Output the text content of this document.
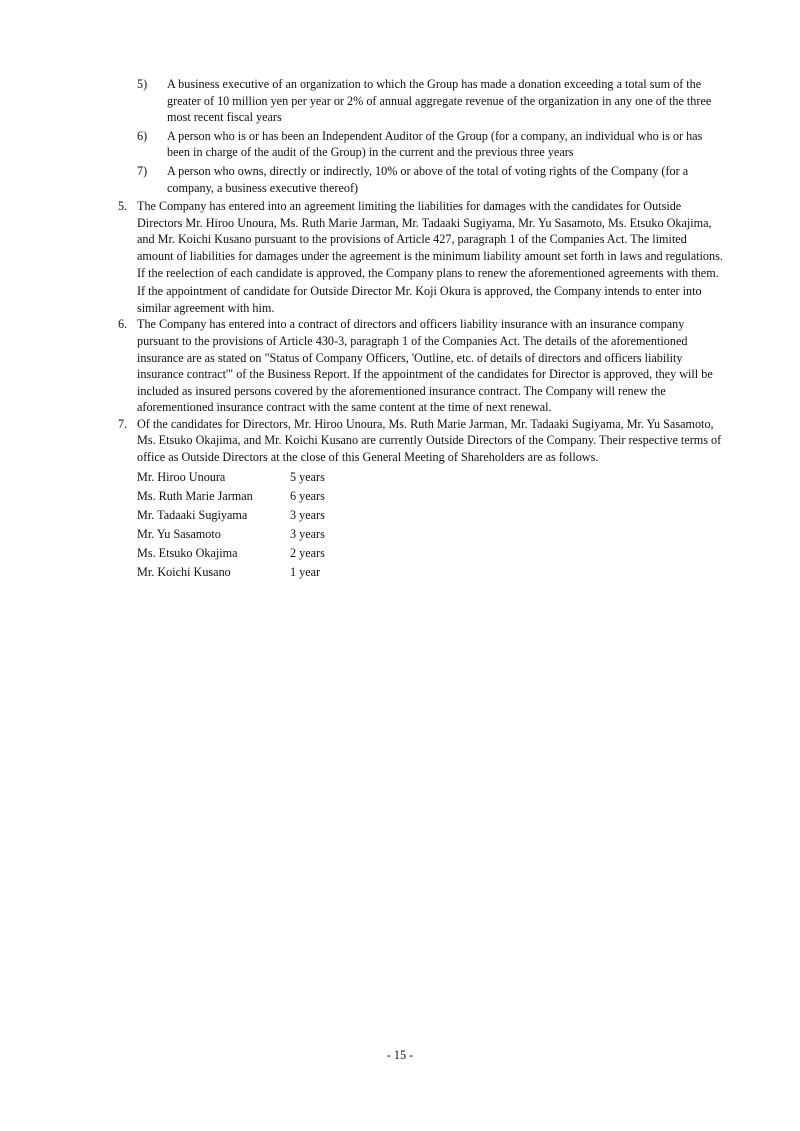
5) A business executive of an organization to which the Group has made a donation exceeding a total sum of the greater of 10 million yen per year or 2% of annual aggregate revenue of the organization in any one of the three most recent fiscal years
6) A person who is or has been an Independent Auditor of the Group (for a company, an individual who is or has been in charge of the audit of the Group) in the current and the previous three years
7) A person who owns, directly or indirectly, 10% or above of the total of voting rights of the Company (for a company, a business executive thereof)
5. The Company has entered into an agreement limiting the liabilities for damages with the candidates for Outside Directors Mr. Hiroo Unoura, Ms. Ruth Marie Jarman, Mr. Tadaaki Sugiyama, Mr. Yu Sasamoto, Ms. Etsuko Okajima, and Mr. Koichi Kusano pursuant to the provisions of Article 427, paragraph 1 of the Companies Act. The limited amount of liabilities for damages under the agreement is the minimum liability amount set forth in laws and regulations. If the reelection of each candidate is approved, the Company plans to renew the aforementioned agreements with them.

If the appointment of candidate for Outside Director Mr. Koji Okura is approved, the Company intends to enter into similar agreement with him.

6. The Company has entered into a contract of directors and officers liability insurance with an insurance company pursuant to the provisions of Article 430-3, paragraph 1 of the Companies Act. The details of the aforementioned insurance are as stated on "Status of Company Officers, 'Outline, etc. of details of directors and officers liability insurance contract'" of the Business Report. If the appointment of the candidates for Director is approved, they will be included as insured persons covered by the aforementioned insurance contract. The Company will renew the aforementioned insurance contract with the same content at the time of next renewal.

7. Of the candidates for Directors, Mr. Hiroo Unoura, Ms. Ruth Marie Jarman, Mr. Tadaaki Sugiyama, Mr. Yu Sasamoto, Ms. Etsuko Okajima, and Mr. Koichi Kusano are currently Outside Directors of the Company. Their respective terms of office as Outside Directors at the close of this General Meeting of Shareholders are as follows.

Mr. Hiroo Unoura	5 years
Ms. Ruth Marie Jarman	6 years
Mr. Tadaaki Sugiyama	3 years
Mr. Yu Sasamoto	3 years
Ms. Etsuko Okajima	2 years
Mr. Koichi Kusano	1 year
- 15 -
